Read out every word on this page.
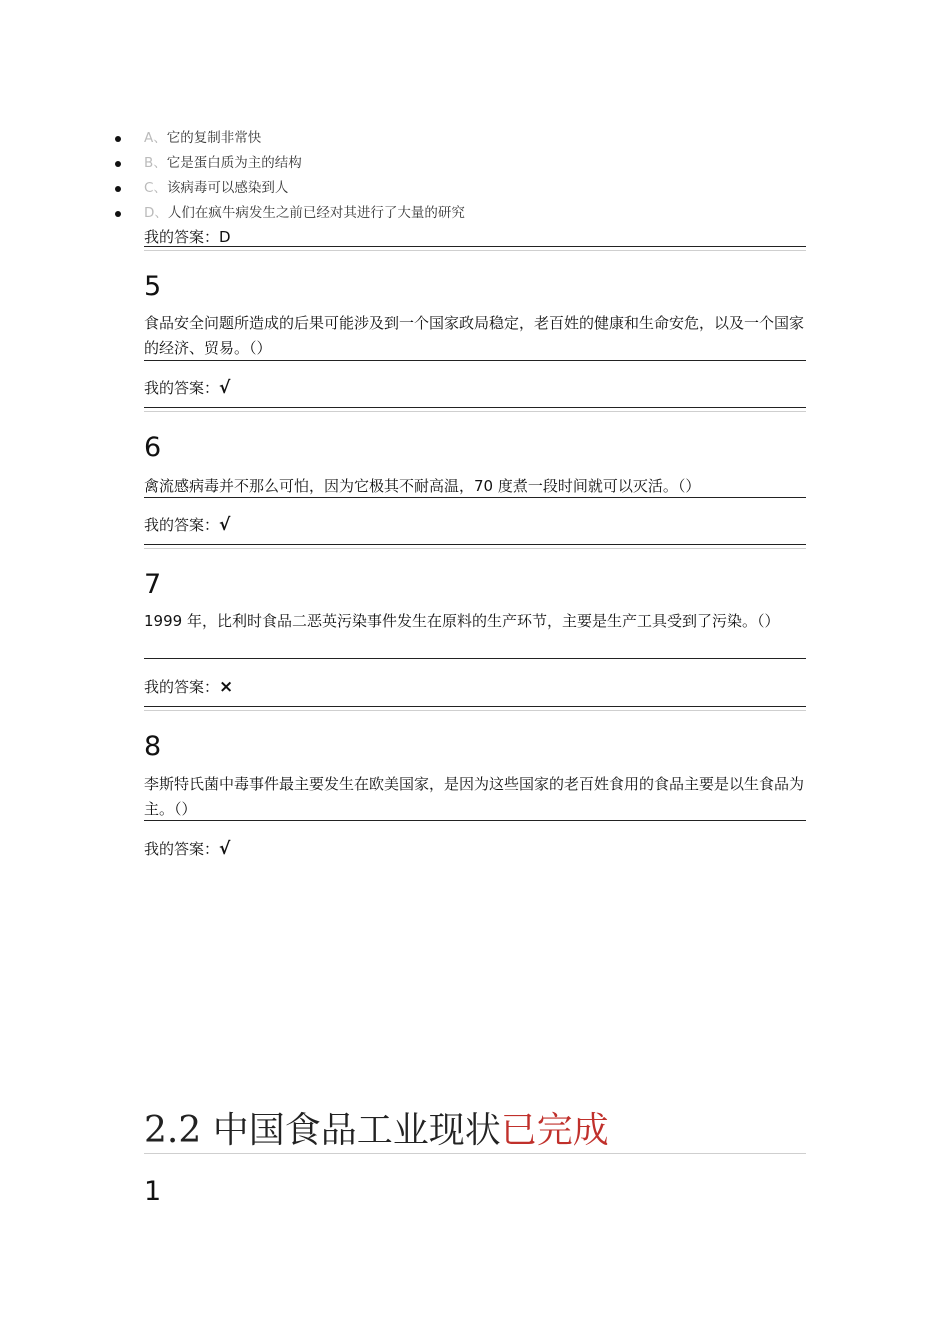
A、它的复制非常快
B、它是蛋白质为主的结构
C、该病毒可以感染到人
D、人们在疯牛病发生之前已经对其进行了大量的研究
我的答案：D
5
食品安全问题所造成的后果可能涉及到一个国家政局稳定，老百姓的健康和生命安危，以及一个国家的经济、贸易。（）
我的答案：√
6
禽流感病毒并不那么可怕，因为它极其不耐高温，70 度煮一段时间就可以灭活。（）
我的答案：√
7
1999 年，比利时食品二恶英污染事件发生在原料的生产环节，主要是生产工具受到了污染。（）
我的答案：×
8
李斯特氏菌中毒事件最主要发生在欧美国家，是因为这些国家的老百姓食用的食品主要是以生食品为主。（）
我的答案：√
2.2 中国食品工业现状已完成
1
